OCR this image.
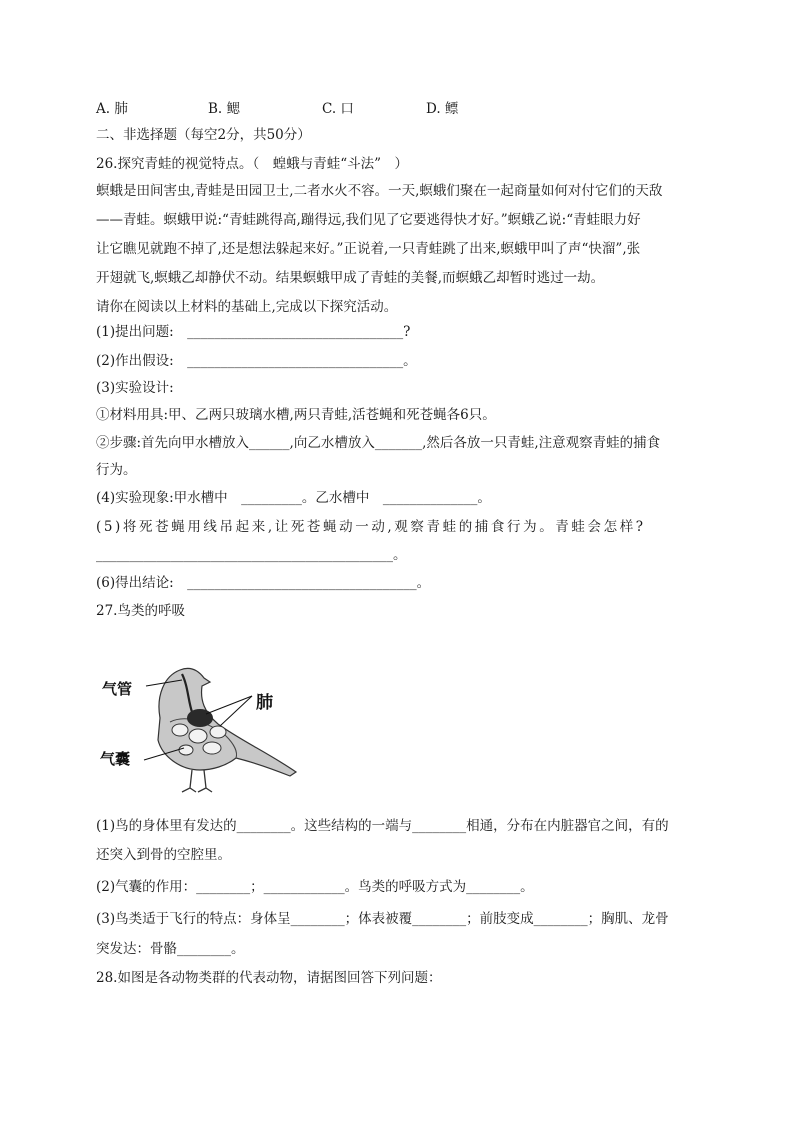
A. 肺	B. 鳃	C. 口	D. 鳔
二、非选择题（每空2分，共50分）
26.探究青蛙的视觉特点。（　蝗蛾与青蛙“斗法”　）
螟蛾是田间害虫,青蛙是田园卫士,二者水火不容。一天,螟蛾们聚在一起商量如何对付它们的天敌
——青蛙。螟蛾甲说:“青蛙跳得高,蹦得远,我们见了它要逃得快才好。”螟蛾乙说:“青蛙眼力好
让它瞧见就跑不掉了,还是想法躲起来好。”正说着,一只青蛙跳了出来,螟蛾甲叫了声“快溜”,张
开翅就飞,螟蛾乙却静伏不动。结果螟蛾甲成了青蛙的美餐,而螟蛾乙却暂时逃过一劫。
请你在阅读以上材料的基础上,完成以下探究活动。
(1)提出问题:　________________________________?
(2)作出假设:　________________________________。
(3)实验设计:
①材料用具:甲、乙两只玻璃水槽,两只青蛙,活苍蝇和死苍蝇各6只。
②步骤:首先向甲水槽放入______,向乙水槽放入_______,然后各放一只青蛙,注意观察青蛙的捕食
行为。
(4)实验现象:甲水槽中　_________。乙水槽中　______________。
(5)将死苍蝇用线吊起来,让死苍蝇动一动,观察青蛙的捕食行为。青蛙会怎样?
____________________________________________。
(6)得出结论:　__________________________________。
27.鸟类的呼吸
气管
肺
气囊
(1)鸟的身体里有发达的________。这些结构的一端与________相通，分布在内脏器官之间，有的
还突入到骨的空腔里。
(2)气囊的作用：________；____________。鸟类的呼吸方式为________。
(3)鸟类适于飞行的特点：身体呈________；体表被覆________；前肢变成________；胸肌、龙骨
突发达：骨骼________。
28.如图是各动物类群的代表动物，请据图回答下列问题：
